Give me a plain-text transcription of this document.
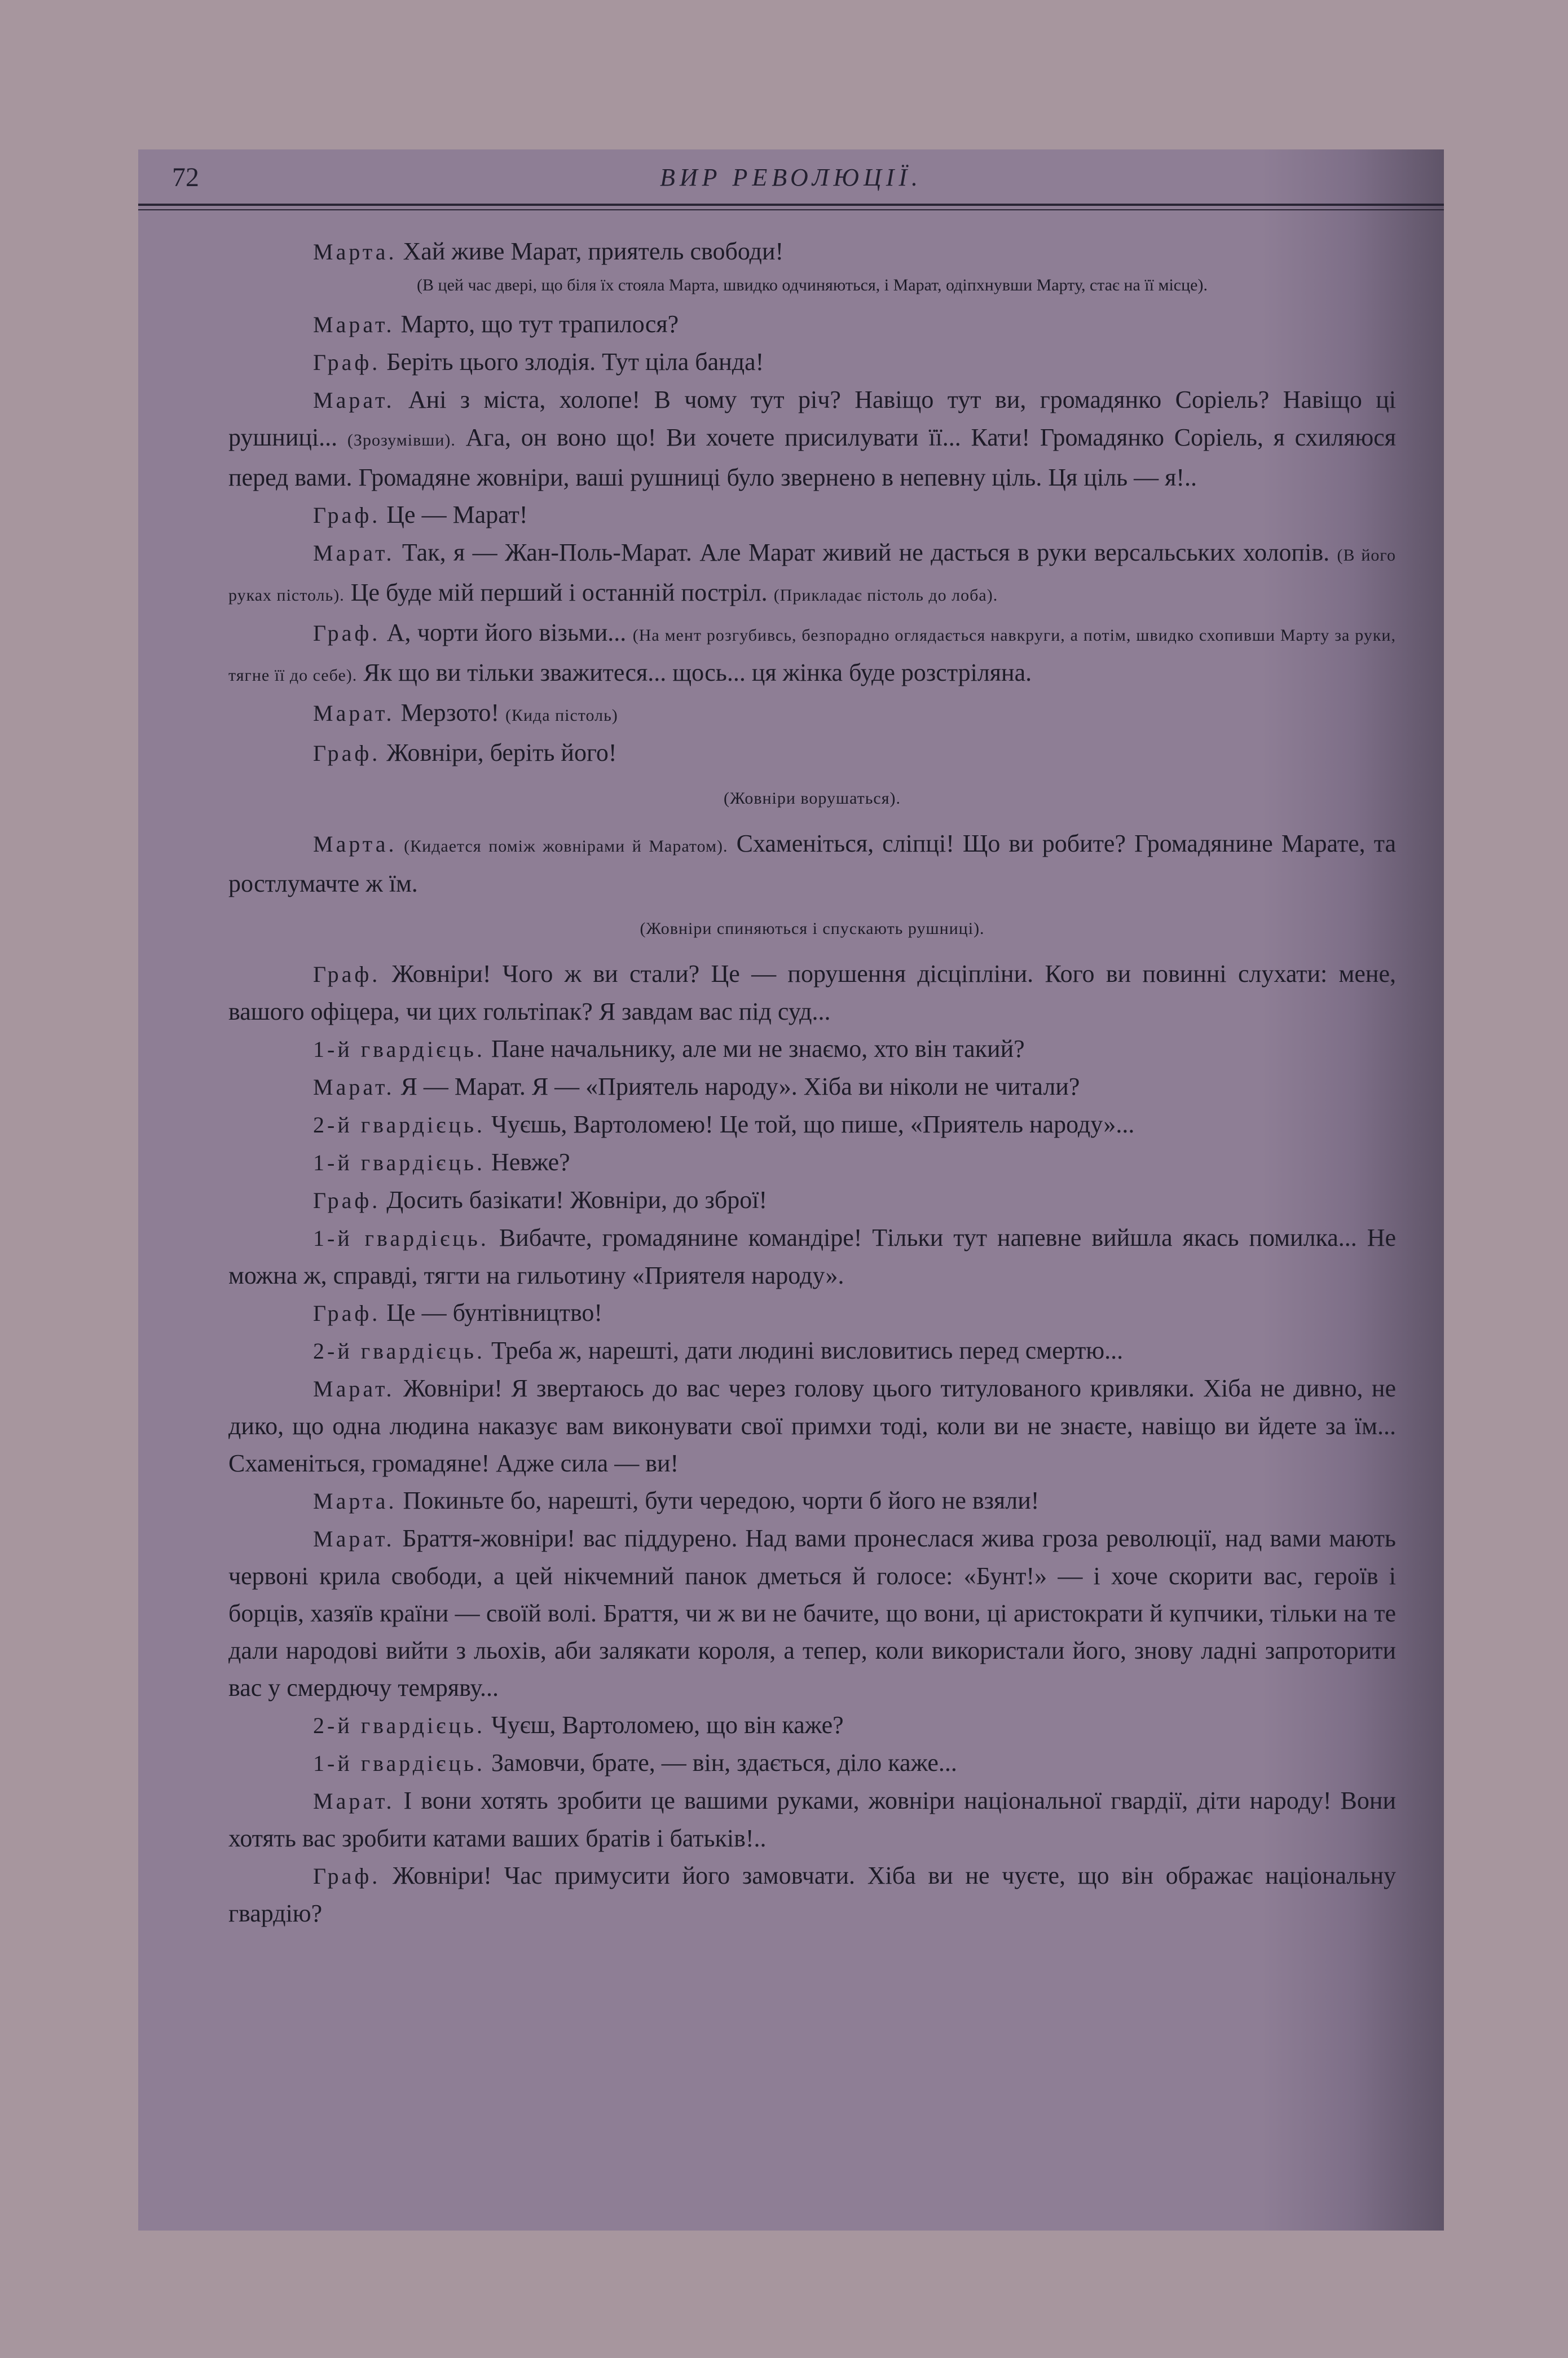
72	ВИР РЕВОЛЮЦІЇ.

Марта. Хай живе Марат, приятель свободи!

(В цей час двері, що біля їх стояла Марта, швидко одчиняються, і Марат, одіпхнувши Марту, стає на її місце).

Марат. Марто, що тут трапилося?

Граф. Беріть цього злодія. Тут ціла банда!

Марат. Ані з міста, холопе! В чому тут річ? Навіщо тут ви, громадянко Соріель? Навіщо ці рушниці... (Зрозумівши). Ага, он воно що! Ви хочете присилувати її... Кати! Громадянко Соріель, я схиляюся перед вами. Громадяне жовніри, ваші рушниці було звернено в непевну ціль. Ця ціль — я!..

Граф. Це — Марат!

Марат. Так, я — Жан-Поль-Марат. Але Марат живий не дасться в руки версальських холопів. (В його руках пістоль). Це буде мій перший і останній постріл. (Прикладає пістоль до лоба).

Граф. А, чорти його візьми... (На мент розгубивсь, безпорадно оглядається навкруги, а потім, швидко схопивши Марту за руки, тягне її до себе). Як що ви тільки зважитеся... щось... ця жінка буде розстріляна.

Марат. Мерзото! (Кида пістоль)

Граф. Жовніри, беріть його!

(Жовніри ворушаться).

Марта. (Кидается поміж жовнірами й Маратом). Схаменіться, сліпці! Що ви робите? Громадянине Марате, та ростлумачте ж їм.

(Жовніри спиняються і спускають рушниці).

Граф. Жовніри! Чого ж ви стали? Це — порушення дісціпліни. Кого ви повинні слухати: мене, вашого офіцера, чи цих гольтіпак? Я завдам вас під суд...

1-й гвардієць. Пане начальнику, але ми не знаємо, хто він такий?

Марат. Я — Марат. Я — «Приятель народу». Хіба ви ніколи не читали?

2-й гвардієць. Чуєшь, Вартоломею! Це той, що пише, «Приятель народу»...

1-й гвардієць. Невже?

Граф. Досить базікати! Жовніри, до зброї!

1-й гвардієць. Вибачте, громадянине командіре! Тільки тут напевне вийшла якась помилка... Не можна ж, справді, тягти на гильотину «Приятеля народу».

Граф. Це — бунтівництво!

2-й гвардієць. Треба ж, нарешті, дати людині висловитись перед смертю...

Марат. Жовніри! Я звертаюсь до вас через голову цього титулованого кривляки. Хіба не дивно, не дико, що одна людина наказує вам виконувати свої примхи тоді, коли ви не знаєте, навіщо ви йдете за їм... Схаменіться, громадяне! Адже сила — ви!

Марта. Покиньте бо, нарешті, бути чередою, чорти б його не взяли!

Марат. Браття-жовніри! вас піддурено. Над вами пронеслася жива гроза революції, над вами мають червоні крила свободи, а цей нікчемний панок дметься й голосе: «Бунт!» — і хоче скорити вас, героїв і борців, хазяїв країни — своїй волі. Браття, чи ж ви не бачите, що вони, ці аристократи й купчики, тільки на те дали народові вийти з льохів, аби залякати короля, а тепер, коли використали його, знову ладні запроторити вас у смердючу темряву...

2-й гвардієць. Чуєш, Вартоломею, що він каже?

1-й гвардієць. Замовчи, брате, — він, здається, діло каже...

Марат. І вони хотять зробити це вашими руками, жовніри національної гвардії, діти народу! Вони хотять вас зробити катами ваших братів і батьків!..

Граф. Жовніри! Час примусити його замовчати. Хіба ви не чуєте, що він ображає національну гвардію?
